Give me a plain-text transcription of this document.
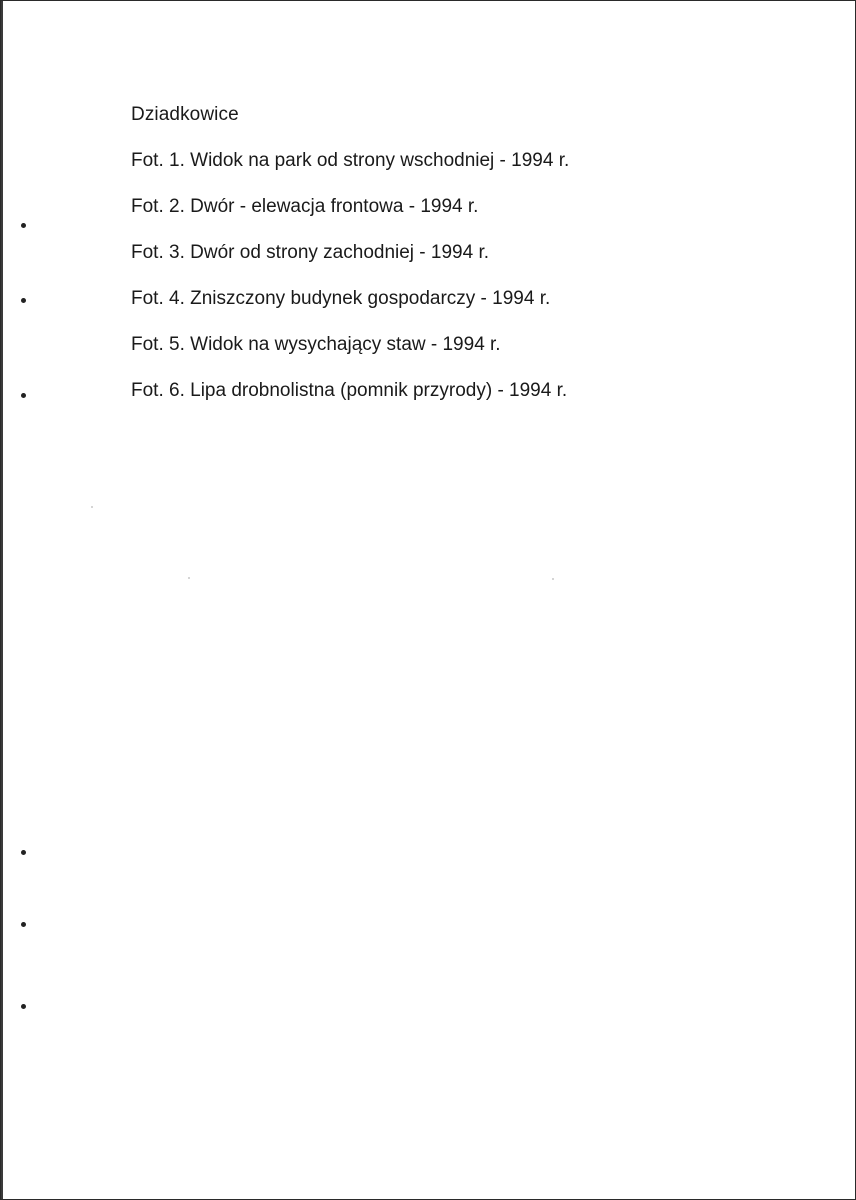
Dziadkowice
Fot. 1. Widok na park od strony wschodniej - 1994 r.
Fot. 2. Dwór - elewacja frontowa - 1994 r.
Fot. 3. Dwór od strony zachodniej - 1994 r.
Fot. 4. Zniszczony budynek gospodarczy - 1994 r.
Fot. 5. Widok na wysychający staw - 1994 r.
Fot. 6. Lipa drobnolistna (pomnik przyrody) - 1994 r.
